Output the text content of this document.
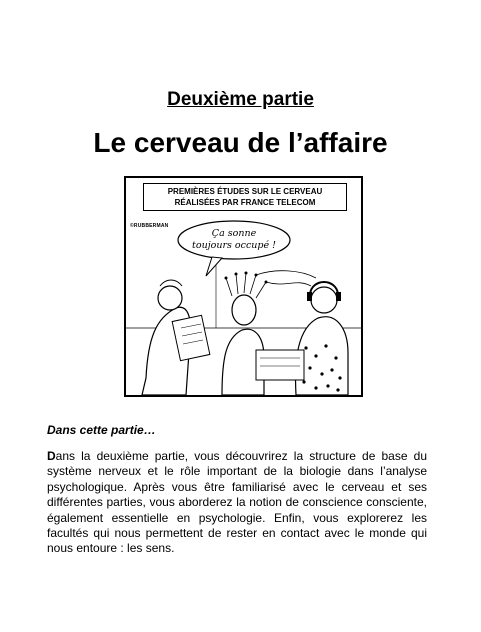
Deuxième partie
Le cerveau de l’affaire
PREMIÈRES ÉTUDES SUR LE CERVEAU
RÉALISÉES PAR FRANCE TELECOM
©RUBBERMAN
Ça sonne
toujours occupé !
Dans cette partie…
Dans la deuxième partie, vous découvrirez la structure de base du système nerveux et le rôle important de la biologie dans l’analyse psychologique. Après vous être familiarisé avec le cerveau et ses différentes parties, vous aborderez la notion de conscience consciente, également essentielle en psychologie. Enfin, vous explorerez les facultés qui nous permettent de rester en contact avec le monde qui nous entoure : les sens.
